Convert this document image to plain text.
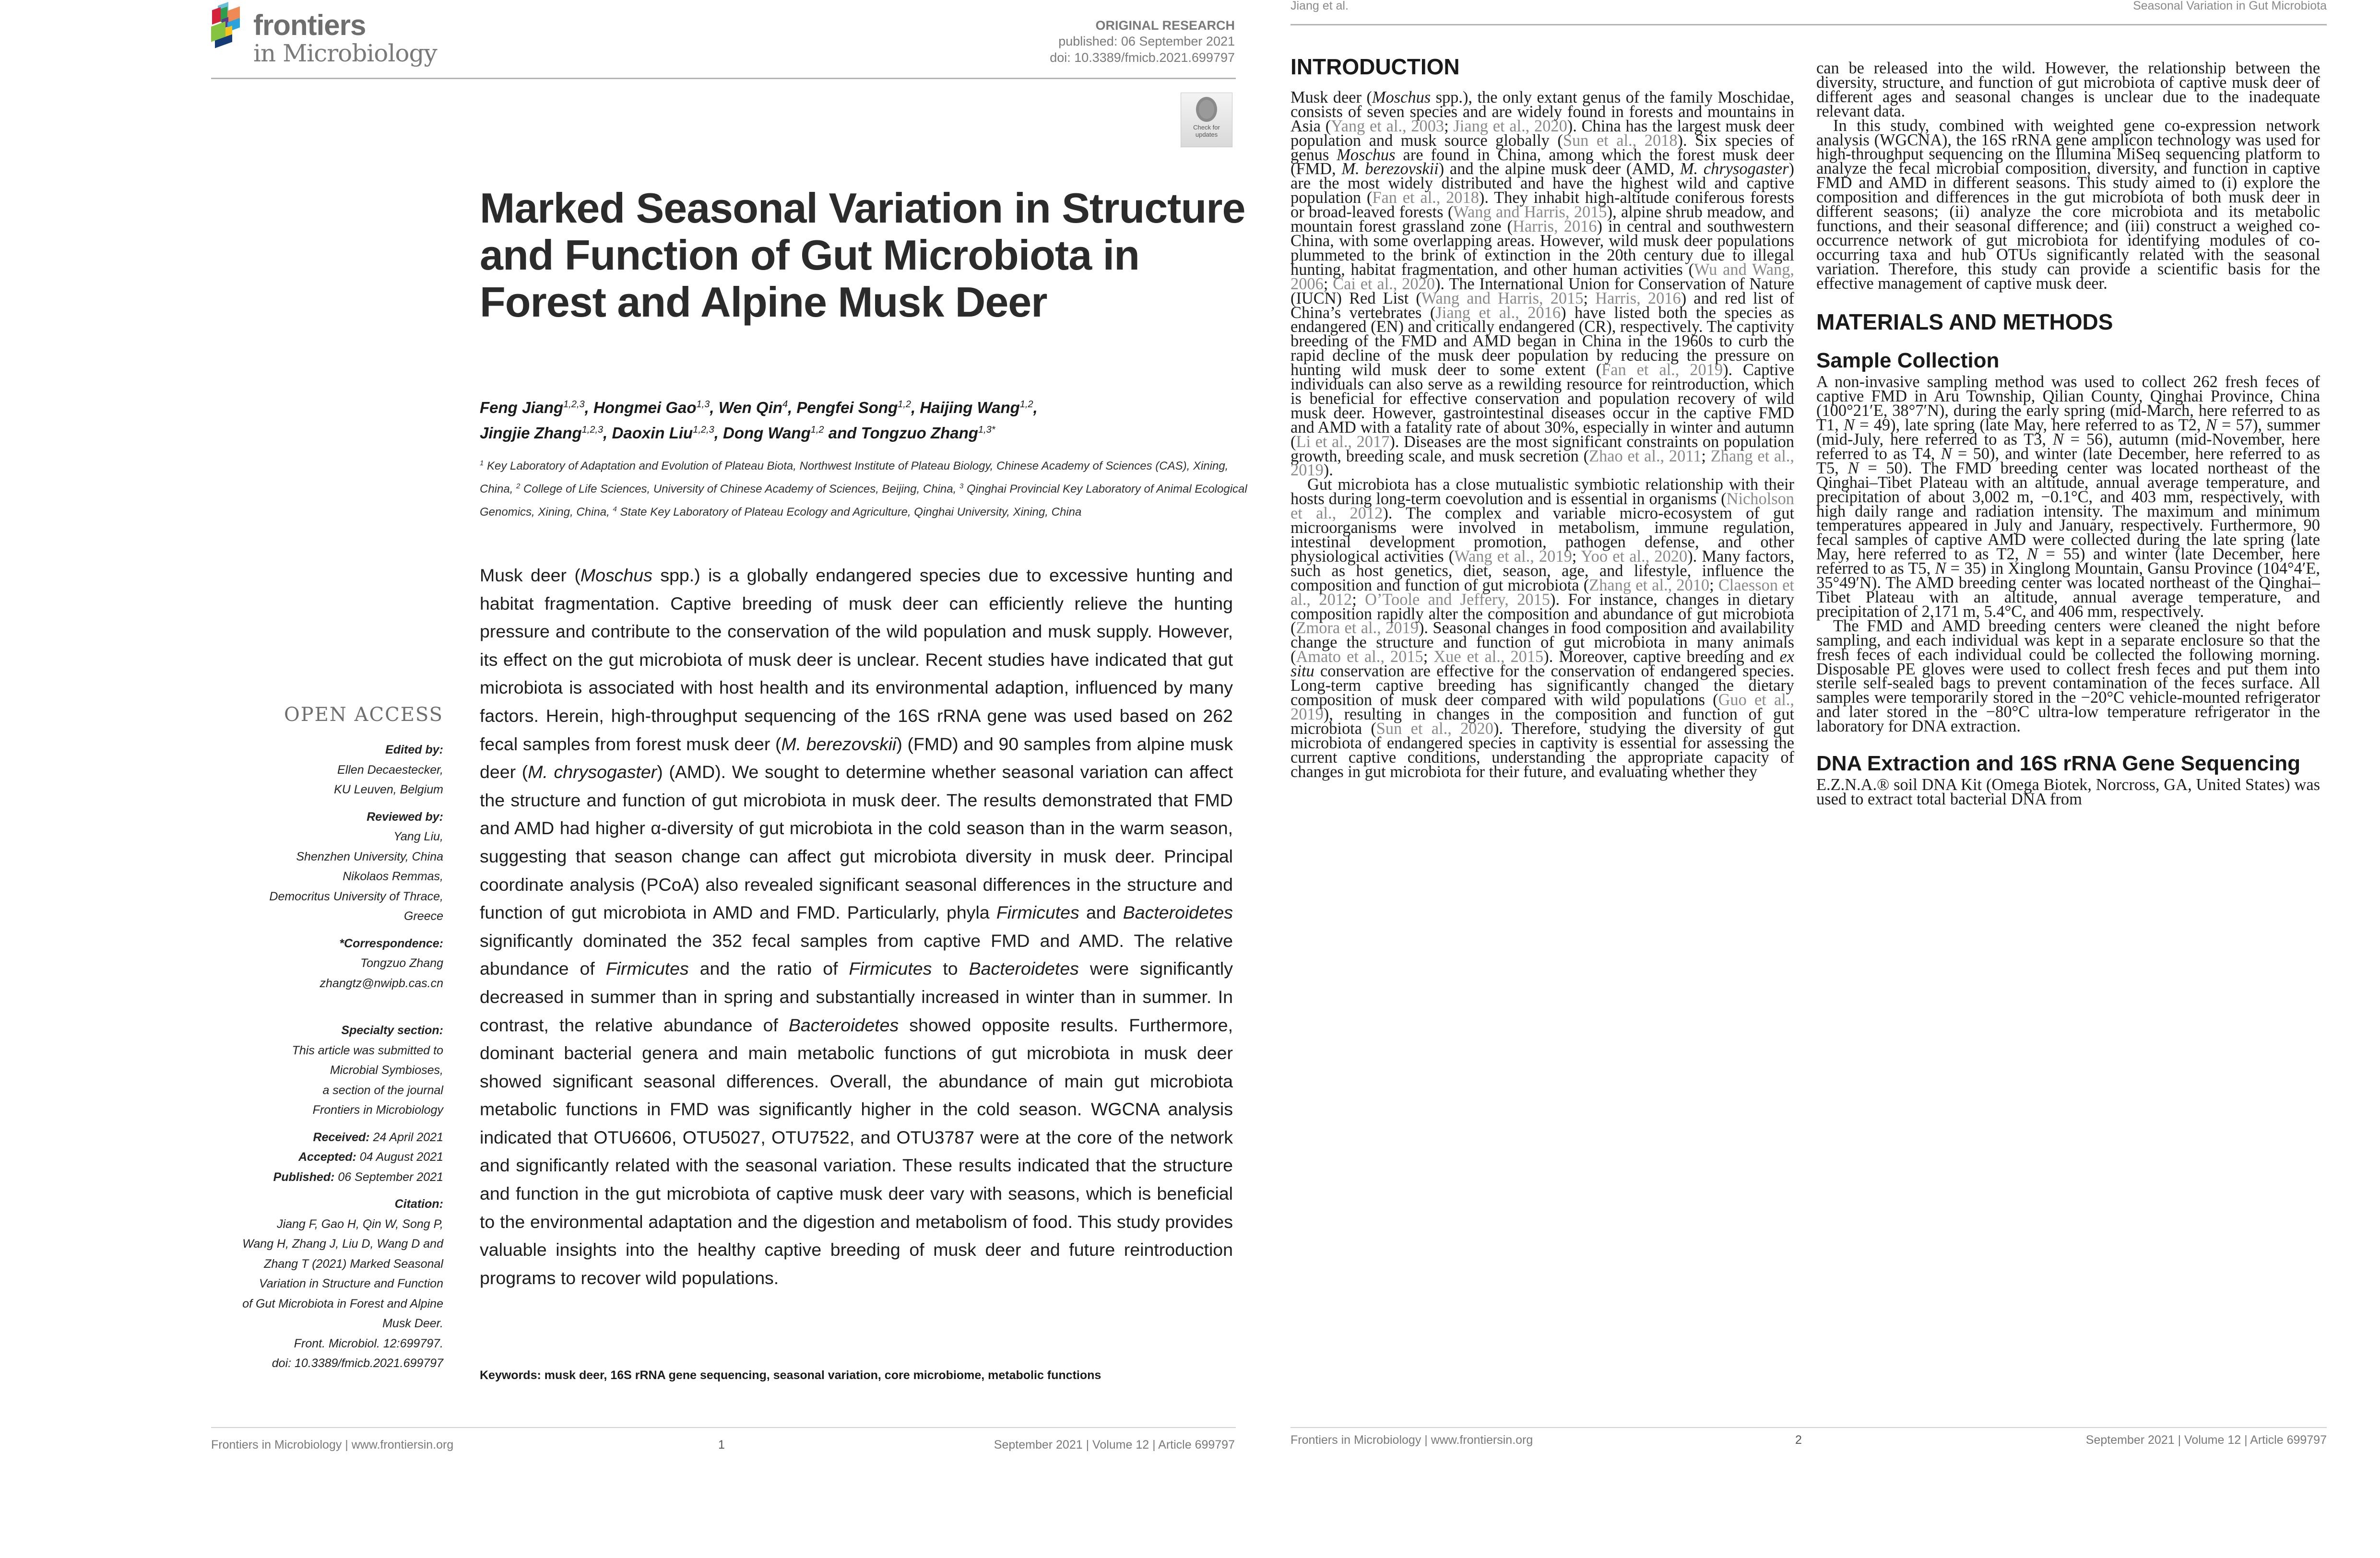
frontiers
in Microbiology
ORIGINAL RESEARCH
published: 06 September 2021
doi: 10.3389/fmicb.2021.699797
Check for
updates
Marked Seasonal Variation in Structure and Function of Gut Microbiota in Forest and Alpine Musk Deer
Feng Jiang$^{1,2,3}$, Hongmei Gao$^{1,3}$, Wen Qin$^4$, Pengfei Song$^{1,2}$, Haijing Wang$^{1,2}$,
Jingjie Zhang$^{1,2,3}$, Daoxin Liu$^{1,2,3}$, Dong Wang$^{1,2}$ and Tongzuo Zhang$^{1,3*}$
$^1$ Key Laboratory of Adaptation and Evolution of Plateau Biota, Northwest Institute of Plateau Biology, Chinese Academy of Sciences (CAS), Xining, China, $^2$ College of Life Sciences, University of Chinese Academy of Sciences, Beijing, China, $^3$ Qinghai Provincial Key Laboratory of Animal Ecological Genomics, Xining, China, $^4$ State Key Laboratory of Plateau Ecology and Agriculture, Qinghai University, Xining, China
Musk deer (Moschus spp.) is a globally endangered species due to excessive hunting and habitat fragmentation. Captive breeding of musk deer can efficiently relieve the hunting pressure and contribute to the conservation of the wild population and musk supply. However, its effect on the gut microbiota of musk deer is unclear. Recent studies have indicated that gut microbiota is associated with host health and its environmental adaption, influenced by many factors. Herein, high-throughput sequencing of the 16S rRNA gene was used based on 262 fecal samples from forest musk deer (M. berezovskii) (FMD) and 90 samples from alpine musk deer (M. chrysogaster) (AMD). We sought to determine whether seasonal variation can affect the structure and function of gut microbiota in musk deer. The results demonstrated that FMD and AMD had higher α-diversity of gut microbiota in the cold season than in the warm season, suggesting that season change can affect gut microbiota diversity in musk deer. Principal coordinate analysis (PCoA) also revealed significant seasonal differences in the structure and function of gut microbiota in AMD and FMD. Particularly, phyla Firmicutes and Bacteroidetes significantly dominated the 352 fecal samples from captive FMD and AMD. The relative abundance of Firmicutes and the ratio of Firmicutes to Bacteroidetes were significantly decreased in summer than in spring and substantially increased in winter than in summer. In contrast, the relative abundance of Bacteroidetes showed opposite results. Furthermore, dominant bacterial genera and main metabolic functions of gut microbiota in musk deer showed significant seasonal differences. Overall, the abundance of main gut microbiota metabolic functions in FMD was significantly higher in the cold season. WGCNA analysis indicated that OTU6606, OTU5027, OTU7522, and OTU3787 were at the core of the network and significantly related with the seasonal variation. These results indicated that the structure and function in the gut microbiota of captive musk deer vary with seasons, which is beneficial to the environmental adaptation and the digestion and metabolism of food. This study provides valuable insights into the healthy captive breeding of musk deer and future reintroduction programs to recover wild populations.
Keywords: musk deer, 16S rRNA gene sequencing, seasonal variation, core microbiome, metabolic functions
OPEN ACCESS
Edited by:
Ellen Decaestecker,
KU Leuven, Belgium
Reviewed by:
Yang Liu,
Shenzhen University, China
Nikolaos Remmas,
Democritus University of Thrace,
Greece
*Correspondence:
Tongzuo Zhang
zhangtz@nwipb.cas.cn
Specialty section:
This article was submitted to
Microbial Symbioses,
a section of the journal
Frontiers in Microbiology
Received: 24 April 2021
Accepted: 04 August 2021
Published: 06 September 2021
Citation:
Jiang F, Gao H, Qin W, Song P,
Wang H, Zhang J, Liu D, Wang D and
Zhang T (2021) Marked Seasonal
Variation in Structure and Function
of Gut Microbiota in Forest and Alpine
Musk Deer.
Front. Microbiol. 12:699797.
doi: 10.3389/fmicb.2021.699797
Frontiers in Microbiology | www.frontiersin.org	1	September 2021 | Volume 12 | Article 699797
Jiang et al.	Seasonal Variation in Gut Microbiota
INTRODUCTION

Musk deer (Moschus spp.), the only extant genus of the family Moschidae, consists of seven species and are widely found in forests and mountains in Asia (Yang et al., 2003; Jiang et al., 2020). China has the largest musk deer population and musk source globally (Sun et al., 2018). Six species of genus Moschus are found in China, among which the forest musk deer (FMD, M. berezovskii) and the alpine musk deer (AMD, M. chrysogaster) are the most widely distributed and have the highest wild and captive population (Fan et al., 2018). They inhabit high-altitude coniferous forests or broad-leaved forests (Wang and Harris, 2015), alpine shrub meadow, and mountain forest grassland zone (Harris, 2016) in central and southwestern China, with some overlapping areas. However, wild musk deer populations plummeted to the brink of extinction in the 20th century due to illegal hunting, habitat fragmentation, and other human activities (Wu and Wang, 2006; Cai et al., 2020). The International Union for Conservation of Nature (IUCN) Red List (Wang and Harris, 2015; Harris, 2016) and red list of China’s vertebrates (Jiang et al., 2016) have listed both the species as endangered (EN) and critically endangered (CR), respectively. The captivity breeding of the FMD and AMD began in China in the 1960s to curb the rapid decline of the musk deer population by reducing the pressure on hunting wild musk deer to some extent (Fan et al., 2019). Captive individuals can also serve as a rewilding resource for reintroduction, which is beneficial for effective conservation and population recovery of wild musk deer. However, gastrointestinal diseases occur in the captive FMD and AMD with a fatality rate of about 30%, especially in winter and autumn (Li et al., 2017). Diseases are the most significant constraints on population growth, breeding scale, and musk secretion (Zhao et al., 2011; Zhang et al., 2019).

Gut microbiota has a close mutualistic symbiotic relationship with their hosts during long-term coevolution and is essential in organisms (Nicholson et al., 2012). The complex and variable micro-ecosystem of gut microorganisms were involved in metabolism, immune regulation, intestinal development promotion, pathogen defense, and other physiological activities (Wang et al., 2019; Yoo et al., 2020). Many factors, such as host genetics, diet, season, age, and lifestyle, influence the composition and function of gut microbiota (Zhang et al., 2010; Claesson et al., 2012; O’Toole and Jeffery, 2015). For instance, changes in dietary composition rapidly alter the composition and abundance of gut microbiota (Zmora et al., 2019). Seasonal changes in food composition and availability change the structure and function of gut microbiota in many animals (Amato et al., 2015; Xue et al., 2015). Moreover, captive breeding and ex situ conservation are effective for the conservation of endangered species. Long-term captive breeding has significantly changed the dietary composition of musk deer compared with wild populations (Guo et al., 2019), resulting in changes in the composition and function of gut microbiota (Sun et al., 2020). Therefore, studying the diversity of gut microbiota of endangered species in captivity is essential for assessing the current captive conditions, understanding the appropriate capacity of changes in gut microbiota for their future, and evaluating whether they

can be released into the wild. However, the relationship between the diversity, structure, and function of gut microbiota of captive musk deer of different ages and seasonal changes is unclear due to the inadequate relevant data.

In this study, combined with weighted gene co-expression network analysis (WGCNA), the 16S rRNA gene amplicon technology was used for high-throughput sequencing on the Illumina MiSeq sequencing platform to analyze the fecal microbial composition, diversity, and function in captive FMD and AMD in different seasons. This study aimed to (i) explore the composition and differences in the gut microbiota of both musk deer in different seasons; (ii) analyze the core microbiota and its metabolic functions, and their seasonal difference; and (iii) construct a weighed co-occurrence network of gut microbiota for identifying modules of co-occurring taxa and hub OTUs significantly related with the seasonal variation. Therefore, this study can provide a scientific basis for the effective management of captive musk deer.

MATERIALS AND METHODS
Sample Collection

A non-invasive sampling method was used to collect 262 fresh feces of captive FMD in Aru Township, Qilian County, Qinghai Province, China (100°21′E, 38°7′N), during the early spring (mid-March, here referred to as T1, N = 49), late spring (late May, here referred to as T2, N = 57), summer (mid-July, here referred to as T3, N = 56), autumn (mid-November, here referred to as T4, N = 50), and winter (late December, here referred to as T5, N = 50). The FMD breeding center was located northeast of the Qinghai–Tibet Plateau with an altitude, annual average temperature, and precipitation of about 3,002 m, −0.1°C, and 403 mm, respectively, with high daily range and radiation intensity. The maximum and minimum temperatures appeared in July and January, respectively. Furthermore, 90 fecal samples of captive AMD were collected during the late spring (late May, here referred to as T2, N = 55) and winter (late December, here referred to as T5, N = 35) in Xinglong Mountain, Gansu Province (104°4′E, 35°49′N). The AMD breeding center was located northeast of the Qinghai–Tibet Plateau with an altitude, annual average temperature, and precipitation of 2,171 m, 5.4°C, and 406 mm, respectively.

The FMD and AMD breeding centers were cleaned the night before sampling, and each individual was kept in a separate enclosure so that the fresh feces of each individual could be collected the following morning. Disposable PE gloves were used to collect fresh feces and put them into sterile self-sealed bags to prevent contamination of the feces surface. All samples were temporarily stored in the −20°C vehicle-mounted refrigerator and later stored in the −80°C ultra-low temperature refrigerator in the laboratory for DNA extraction.

DNA Extraction and 16S rRNA Gene Sequencing

E.Z.N.A.® soil DNA Kit (Omega Biotek, Norcross, GA, United States) was used to extract total bacterial DNA from

Frontiers in Microbiology | www.frontiersin.org	2	September 2021 | Volume 12 | Article 699797
